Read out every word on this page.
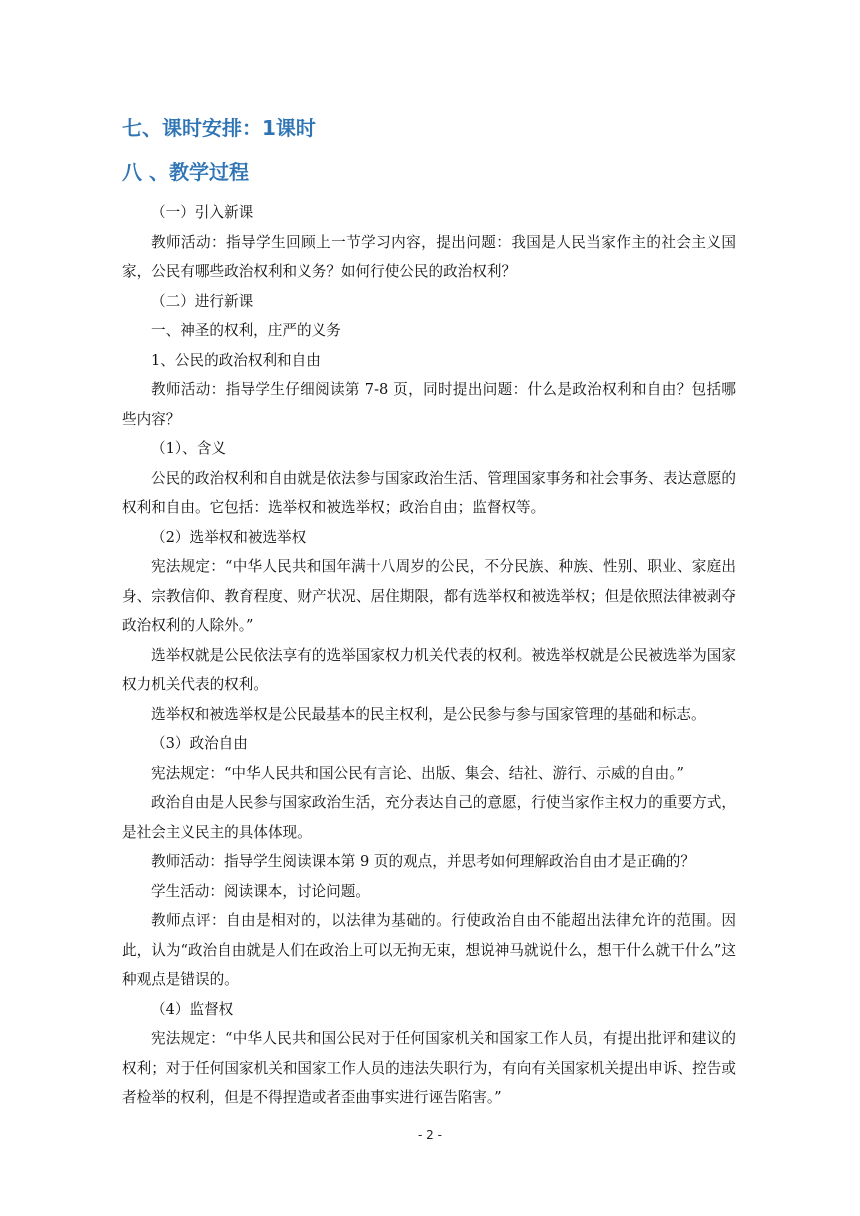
七、课时安排：1课时
八 、教学过程

（一）引入新课

教师活动：指导学生回顾上一节学习内容，提出问题：我国是人民当家作主的社会主义国家，公民有哪些政治权利和义务？如何行使公民的政治权利？

（二）进行新课

一、神圣的权利，庄严的义务

1、公民的政治权利和自由

教师活动：指导学生仔细阅读第 7-8 页，同时提出问题：什么是政治权利和自由？包括哪些内容？

（1）、含义

公民的政治权利和自由就是依法参与国家政治生活、管理国家事务和社会事务、表达意愿的权利和自由。它包括：选举权和被选举权；政治自由；监督权等。

（2）选举权和被选举权

宪法规定：“中华人民共和国年满十八周岁的公民，不分民族、种族、性别、职业、家庭出身、宗教信仰、教育程度、财产状况、居住期限，都有选举权和被选举权；但是依照法律被剥夺政治权利的人除外。”

选举权就是公民依法享有的选举国家权力机关代表的权利。被选举权就是公民被选举为国家权力机关代表的权利。

选举权和被选举权是公民最基本的民主权利，是公民参与参与国家管理的基础和标志。

（3）政治自由

宪法规定：“中华人民共和国公民有言论、出版、集会、结社、游行、示威的自由。”

政治自由是人民参与国家政治生活，充分表达自己的意愿，行使当家作主权力的重要方式，是社会主义民主的具体体现。

教师活动：指导学生阅读课本第 9 页的观点，并思考如何理解政治自由才是正确的？

学生活动：阅读课本，讨论问题。

教师点评：自由是相对的，以法律为基础的。行使政治自由不能超出法律允许的范围。因此，认为“政治自由就是人们在政治上可以无拘无束，想说神马就说什么，想干什么就干什么”这种观点是错误的。

（4）监督权

宪法规定：“中华人民共和国公民对于任何国家机关和国家工作人员，有提出批评和建议的权利；对于任何国家机关和国家工作人员的违法失职行为，有向有关国家机关提出申诉、控告或者检举的权利，但是不得捏造或者歪曲事实进行诬告陷害。”

- 2 -
